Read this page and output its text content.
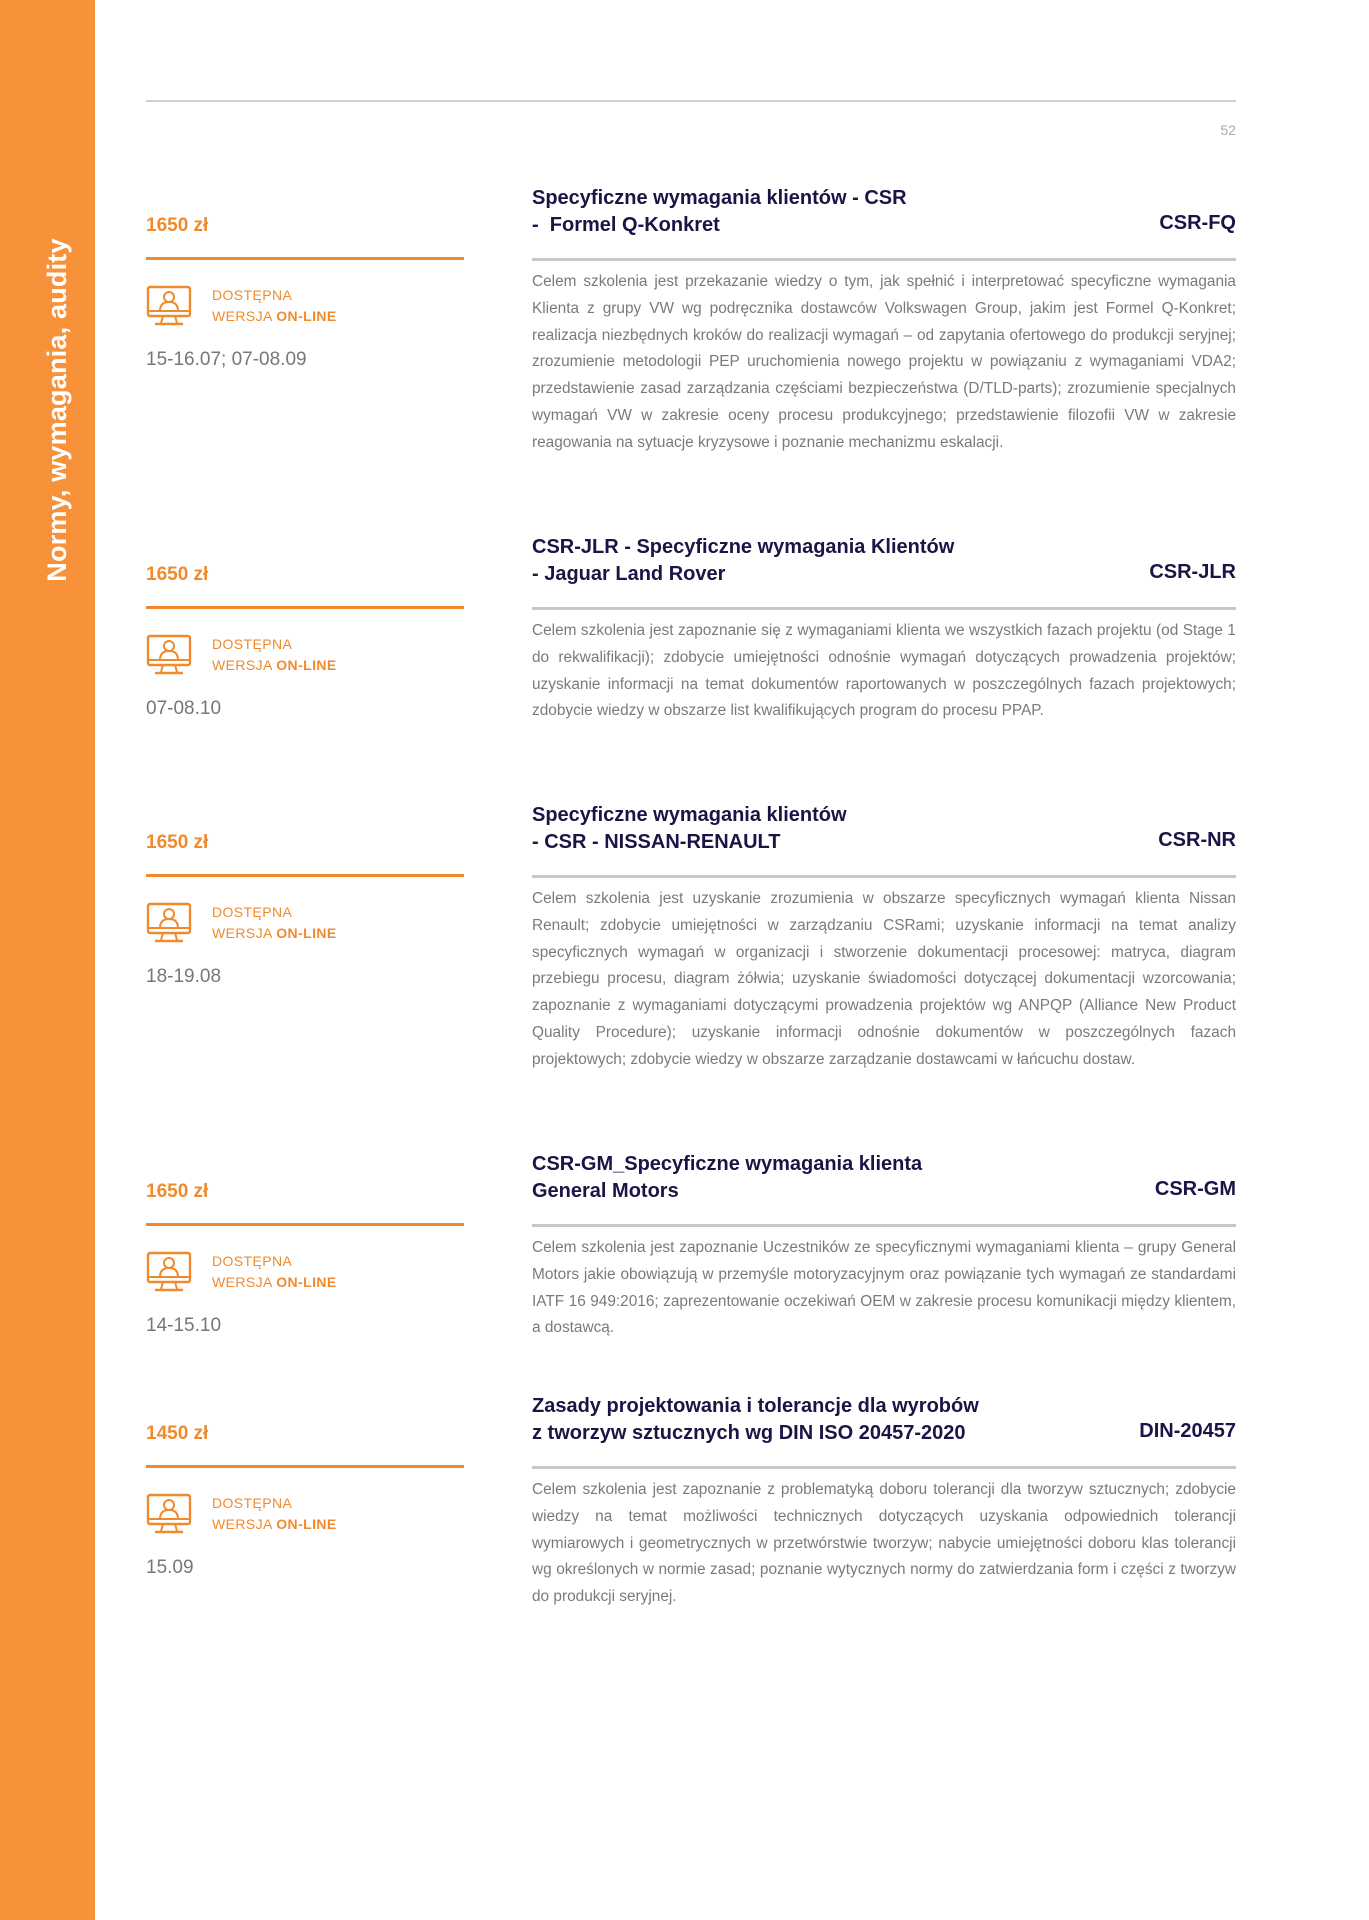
Normy, wymagania, audity
52
Specyficzne wymagania klientów - CSR
-  Formel Q-Konkret	CSR-FQ
1650 zł
DOSTĘPNA
WERSJA ON-LINE
15-16.07; 07-08.09

Celem szkolenia jest przekazanie wiedzy o tym, jak spełnić i interpretować specyficzne wymagania Klienta z grupy VW wg podręcznika dostawców Volkswagen Group, jakim jest Formel Q-Konkret; realizacja niezbędnych kroków do realizacji wymagań – od zapytania ofertowego do produkcji seryjnej; zrozumienie metodologii PEP uruchomienia nowego projektu w powiązaniu z wymaganiami VDA2; przedstawienie zasad zarządzania częściami bezpieczeństwa (D/TLD-parts); zrozumienie specjalnych wymagań VW w zakresie oceny procesu produkcyjnego; przedstawienie filozofii VW w zakresie reagowania na sytuacje kryzysowe i poznanie mechanizmu eskalacji.

CSR-JLR - Specyficzne wymagania Klientów
- Jaguar Land Rover	CSR-JLR
1650 zł
DOSTĘPNA
WERSJA ON-LINE
07-08.10

Celem szkolenia jest zapoznanie się z wymaganiami klienta we wszystkich fazach projektu (od Stage 1 do rekwalifikacji); zdobycie umiejętności odnośnie wymagań dotyczących prowadzenia projektów; uzyskanie informacji na temat dokumentów raportowanych w poszczególnych fazach projektowych; zdobycie wiedzy w obszarze list kwalifikujących program do procesu PPAP.

Specyficzne wymagania klientów
- CSR - NISSAN-RENAULT	CSR-NR
1650 zł
DOSTĘPNA
WERSJA ON-LINE
18-19.08

Celem szkolenia jest uzyskanie zrozumienia w obszarze specyficznych wymagań klienta Nissan Renault; zdobycie umiejętności w zarządzaniu CSRami; uzyskanie informacji na temat analizy specyficznych wymagań w organizacji i stworzenie dokumentacji procesowej: matryca, diagram przebiegu procesu, diagram żółwia; uzyskanie świadomości dotyczącej dokumentacji wzorcowania; zapoznanie z wymaganiami dotyczącymi prowadzenia projektów wg ANPQP (Alliance New Product Quality Procedure); uzyskanie informacji odnośnie dokumentów w poszczególnych fazach projektowych; zdobycie wiedzy w obszarze zarządzanie dostawcami w łańcuchu dostaw.

CSR-GM_Specyficzne wymagania klienta
General Motors	CSR-GM
1650 zł
DOSTĘPNA
WERSJA ON-LINE
14-15.10

Celem szkolenia jest zapoznanie Uczestników ze specyficznymi wymaganiami klienta – grupy General Motors jakie obowiązują w przemyśle motoryzacyjnym oraz powiązanie tych wymagań ze standardami IATF 16 949:2016; zaprezentowanie oczekiwań OEM w zakresie procesu komunikacji między klientem, a dostawcą.

Zasady projektowania i tolerancje dla wyrobów
z tworzyw sztucznych wg DIN ISO 20457-2020	DIN-20457
1450 zł
DOSTĘPNA
WERSJA ON-LINE
15.09

Celem szkolenia jest zapoznanie z problematyką doboru tolerancji dla tworzyw sztucznych; zdobycie wiedzy na temat możliwości technicznych dotyczących uzyskania odpowiednich tolerancji wymiarowych i geometrycznych w przetwórstwie tworzyw; nabycie umiejętności doboru klas tolerancji wg określonych w normie zasad; poznanie wytycznych normy do zatwierdzania form i części z tworzyw do produkcji seryjnej.
